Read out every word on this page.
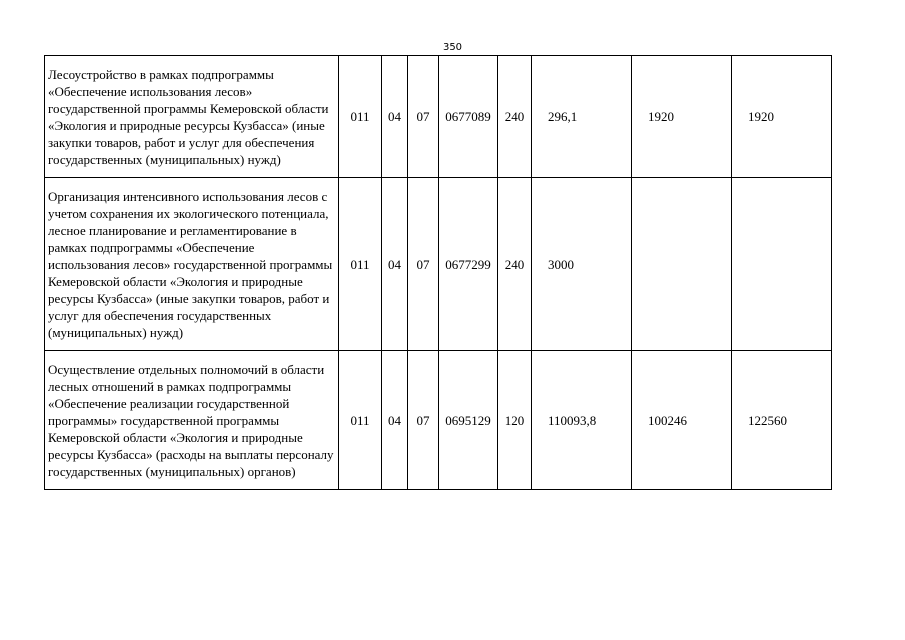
350
Лесоустройство в рамках подпрограммы «Обеспечение использования лесов» государственной программы Кемеровской области «Экология и природные ресурсы Кузбасса» (иные закупки товаров, работ и услуг для обеспечения государственных (муниципальных) нужд)	011	04	07	0677089	240	296,1	1920	1920
Организация интенсивного использования лесов с учетом сохранения их экологического потенциала, лесное планирование и регламентирование в рамках подпрограммы «Обеспечение использования лесов» государственной программы Кемеровской области «Экология и природные ресурсы Кузбасса» (иные закупки товаров, работ и услуг для обеспечения государственных (муниципальных) нужд)	011	04	07	0677299	240	3000		
Осуществление отдельных полномочий в области лесных отношений в рамках подпрограммы «Обеспечение реализации государственной программы» государственной программы Кемеровской области «Экология и природные ресурсы Кузбасса» (расходы на выплаты персоналу государственных (муниципальных) органов)	011	04	07	0695129	120	110093,8	100246	122560
